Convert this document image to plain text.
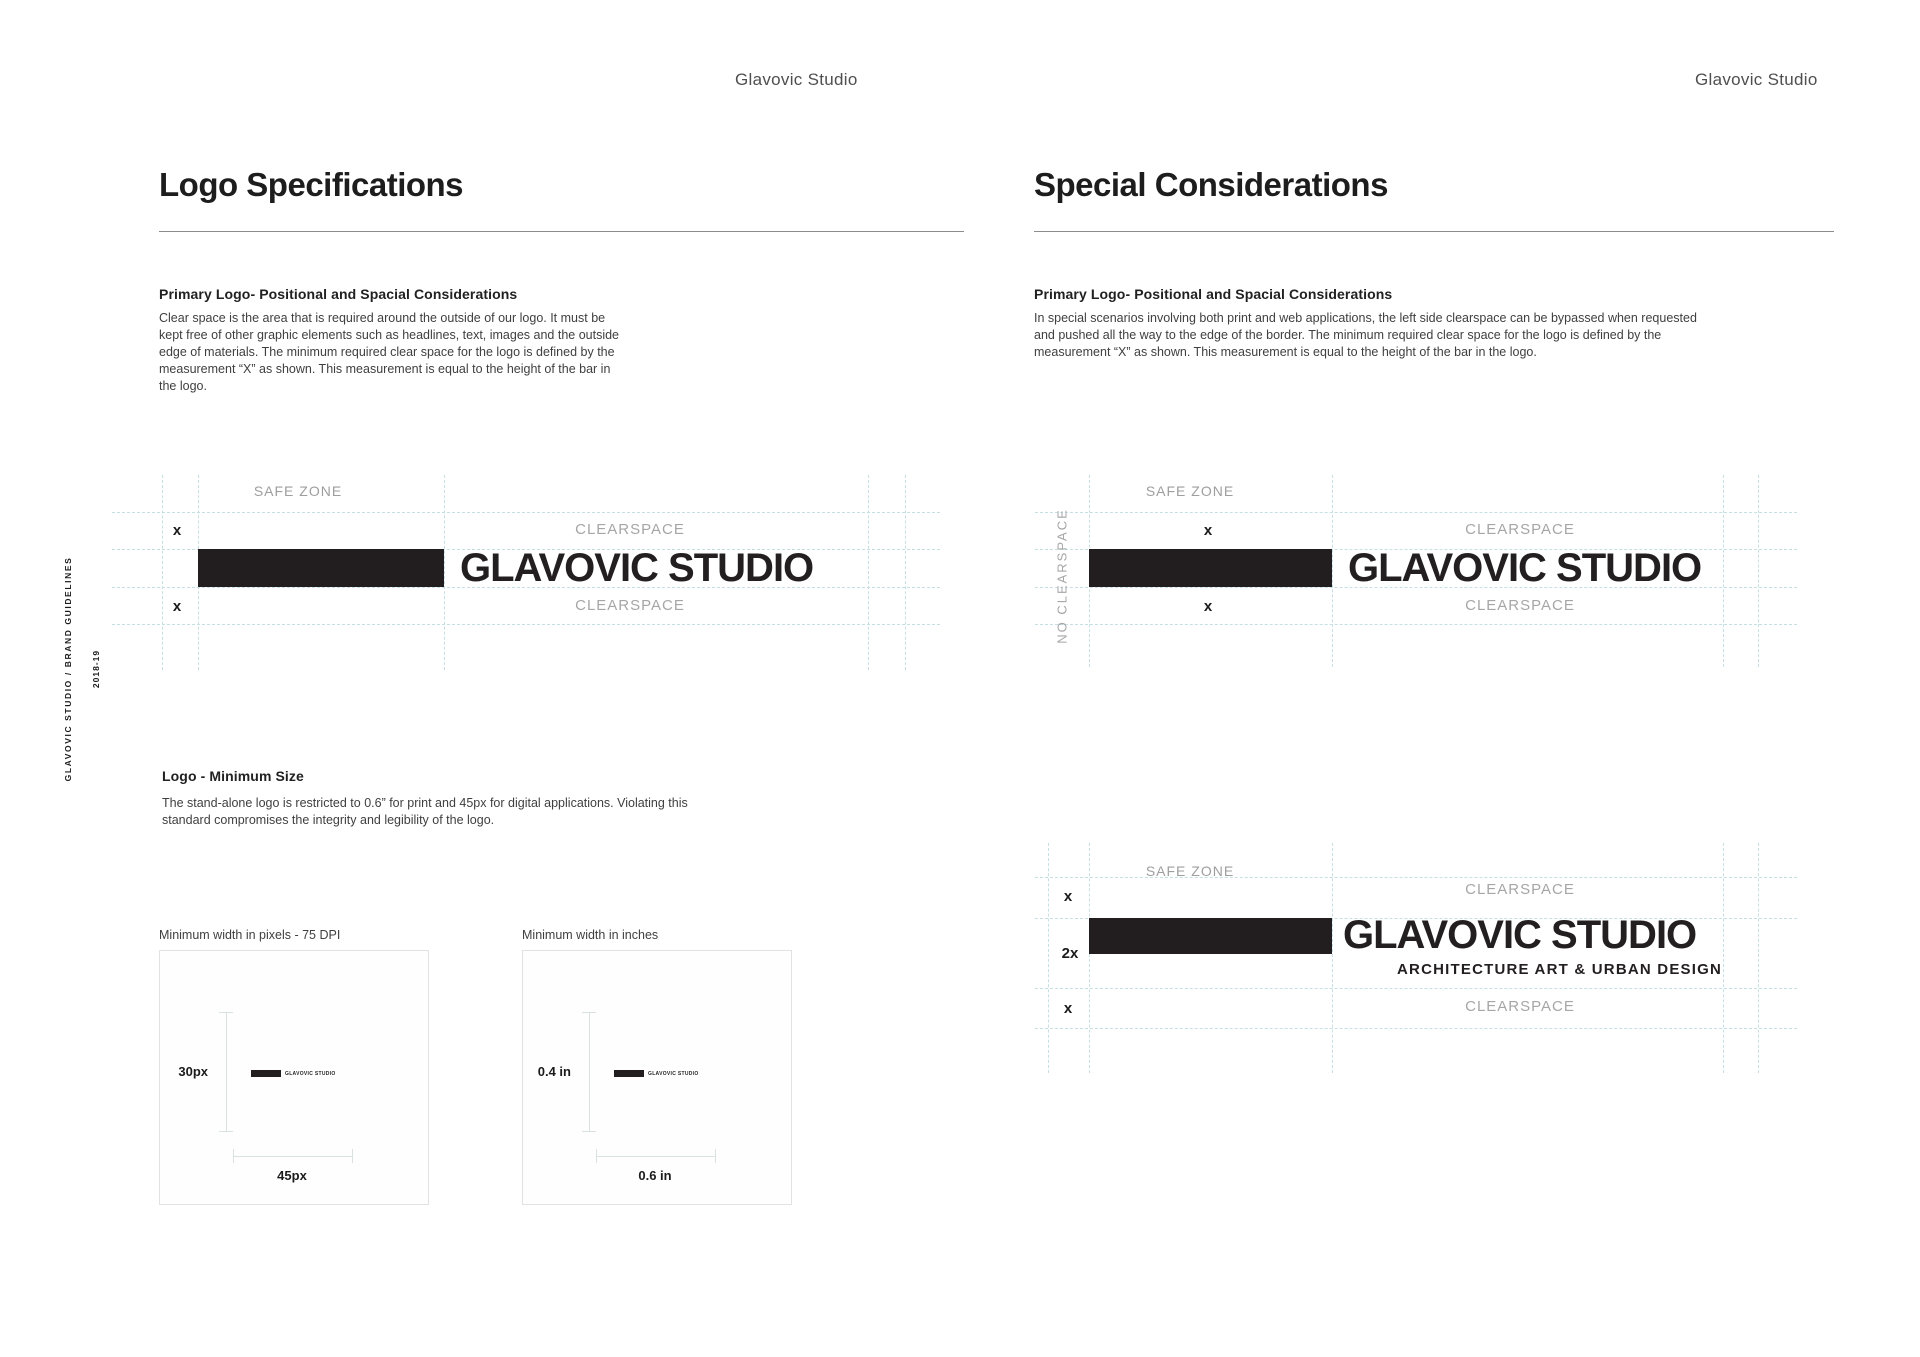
Glavovic Studio	Glavovic Studio
GLAVOVIC STUDIO / BRAND GUIDELINES 2018-19
Logo Specifications
Primary Logo- Positional and Spacial Considerations
Clear space is the area that is required around the outside of our logo. It must be kept free of other graphic elements such as headlines, text, images and the outside edge of materials. The minimum required clear space for the logo is defined by the measurement “X” as shown. This measurement is equal to the height of the bar in the logo.
Special Considerations
Primary Logo- Positional and Spacial Considerations
In special scenarios involving both print and web applications, the left side clearspace can be bypassed when requested and pushed all the way to the edge of the border. The minimum required clear space for the logo is defined by the measurement “X” as shown. This measurement is equal to the height of the bar in the logo.
SAFE ZONE
x
x
CLEARSPACE
CLEARSPACE
GLAVOVIC STUDIO	NO CLEARSPACE
SAFE ZONE
x
x
CLEARSPACE
CLEARSPACE
GLAVOVIC STUDIO
SAFE ZONE
x
2x
x
CLEARSPACE
CLEARSPACE
GLAVOVIC STUDIO
ARCHITECTURE ART & URBAN DESIGN
Logo - Minimum Size
The stand-alone logo is restricted to 0.6” for print and 45px for digital applications. Violating this standard compromises the integrity and legibility of the logo.
Minimum width in pixels - 75 DPI	Minimum width in inches
30px	GLAVOVIC STUDIO
45px
0.4 in	GLAVOVIC STUDIO
0.6 in
